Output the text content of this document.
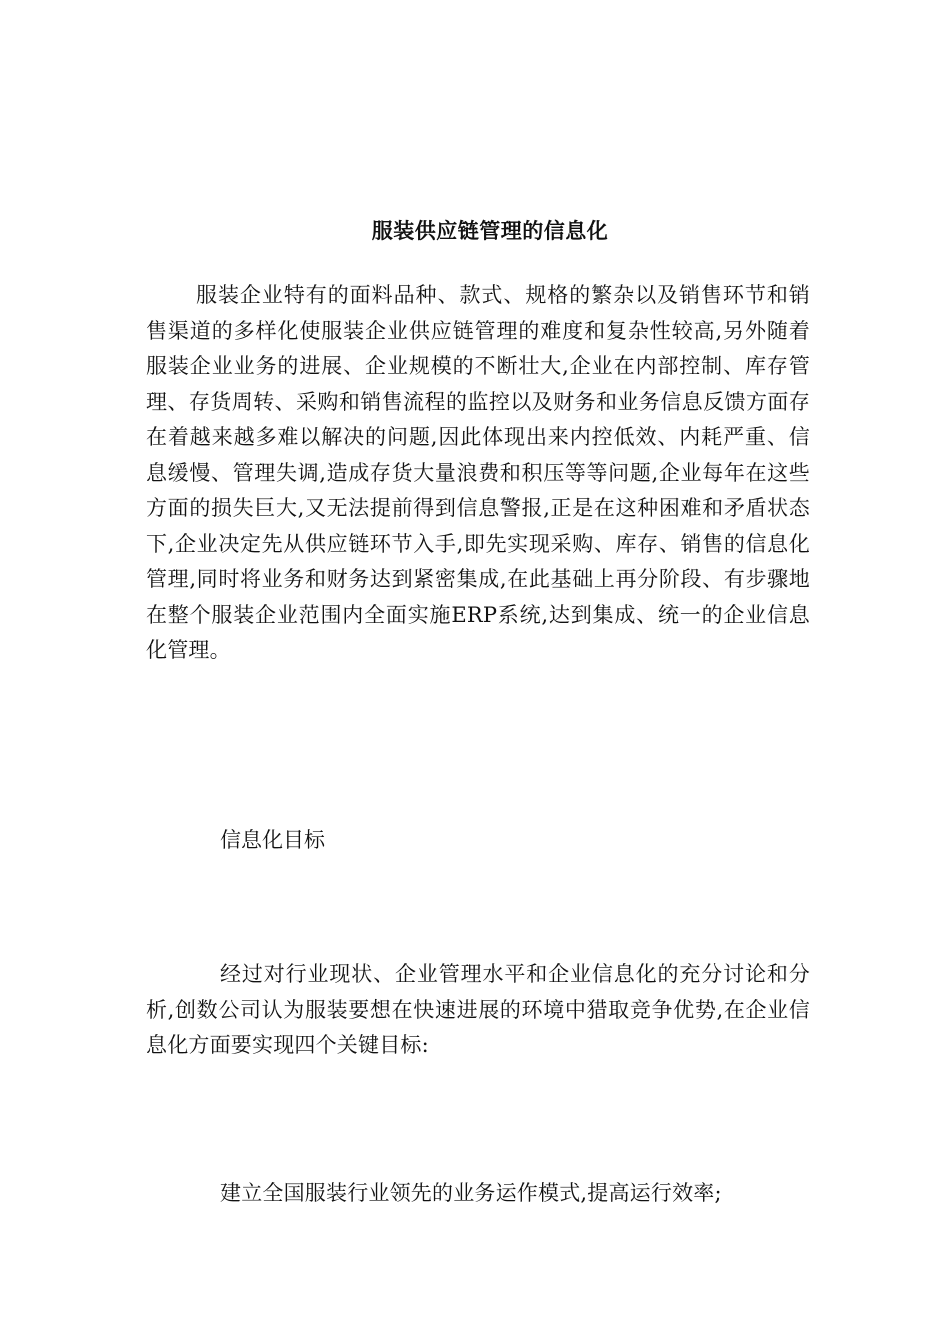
服装供应链管理的信息化
服装企业特有的面料品种、款式、规格的繁杂以及销售环节和销售渠道的多样化使服装企业供应链管理的难度和复杂性较高,另外随着服装企业业务的进展、企业规模的不断壮大,企业在内部控制、库存管理、存货周转、采购和销售流程的监控以及财务和业务信息反馈方面存在着越来越多难以解决的问题,因此体现出来内控低效、内耗严重、信息缓慢、管理失调,造成存货大量浪费和积压等等问题,企业每年在这些方面的损失巨大,又无法提前得到信息警报,正是在这种困难和矛盾状态下,企业决定先从供应链环节入手,即先实现采购、库存、销售的信息化管理,同时将业务和财务达到紧密集成,在此基础上再分阶段、有步骤地在整个服装企业范围内全面实施ERP系统,达到集成、统一的企业信息化管理。
信息化目标
经过对行业现状、企业管理水平和企业信息化的充分讨论和分析,创数公司认为服装要想在快速进展的环境中猎取竞争优势,在企业信息化方面要实现四个关键目标:
建立全国服装行业领先的业务运作模式,提高运行效率;
